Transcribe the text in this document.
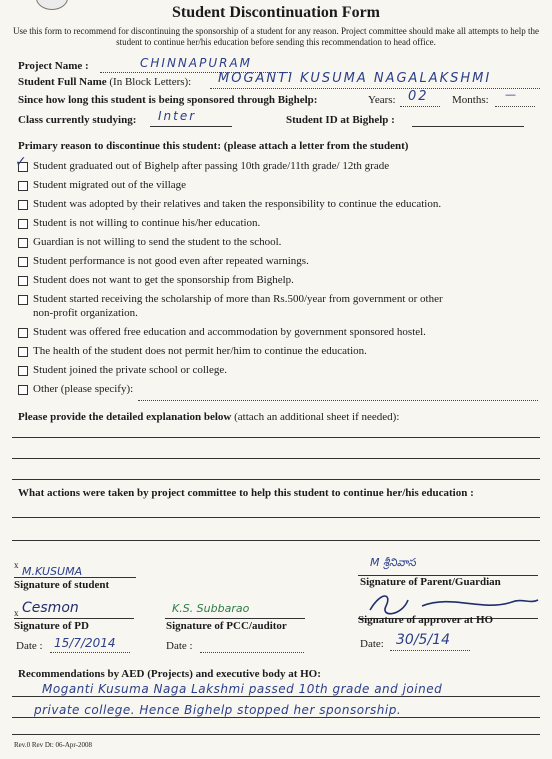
Student Discontinuation Form
Use this form to recommend for discontinuing the sponsorship of a student for any reason. Project committee should make all attempts to help the student to continue her/his education before sending this recommendation to head office.
Project Name :	CHINNAPURAM
Student Full Name (In Block Letters): MOGANTI KUSUMA NAGALAKSHMI
Since how long this student is being sponsored through Bighelp:	Years: 02 Months: —
Class currently studying: Inter	Student ID at Bighelp :
Primary reason to discontinue this student: (please attach a letter from the student)
✓ Student graduated out of Bighelp after passing 10th grade/11th grade/ 12th grade
Student migrated out of the village
Student was adopted by their relatives and taken the responsibility to continue the education.
Student is not willing to continue his/her education.
Guardian is not willing to send the student to the school.
Student performance is not good even after repeated warnings.
Student does not want to get the sponsorship from Bighelp.
Student started receiving the scholarship of more than Rs.500/year from government or other
Student was offered free education and accommodation by government sponsored hostel.
The health of the student does not permit her/him to continue the education.
Student joined the private school or college.
Other (please specify):
non-profit organization.
Please provide the detailed explanation below (attach an additional sheet if needed):
What actions were taken by project committee to help this student to continue her/his education :
x M.KUSUMA
Signature of student
M శ్రీనివాస
Signature of Parent/Guardian
x Cesmon
Signature of PD
K.S. Subbarao
Signature of PCC/auditor	Signature of approver at HO
Date : 15/7/2014	Date :	Date: 30/5/14
Recommendations by AED (Projects) and executive body at HO:
Moganti Kusuma Naga Lakshmi passed 10th grade and joined
private college. Hence Bighelp stopped her sponsorship.
Rev.0 Rev Dt: 06-Apr-2008
